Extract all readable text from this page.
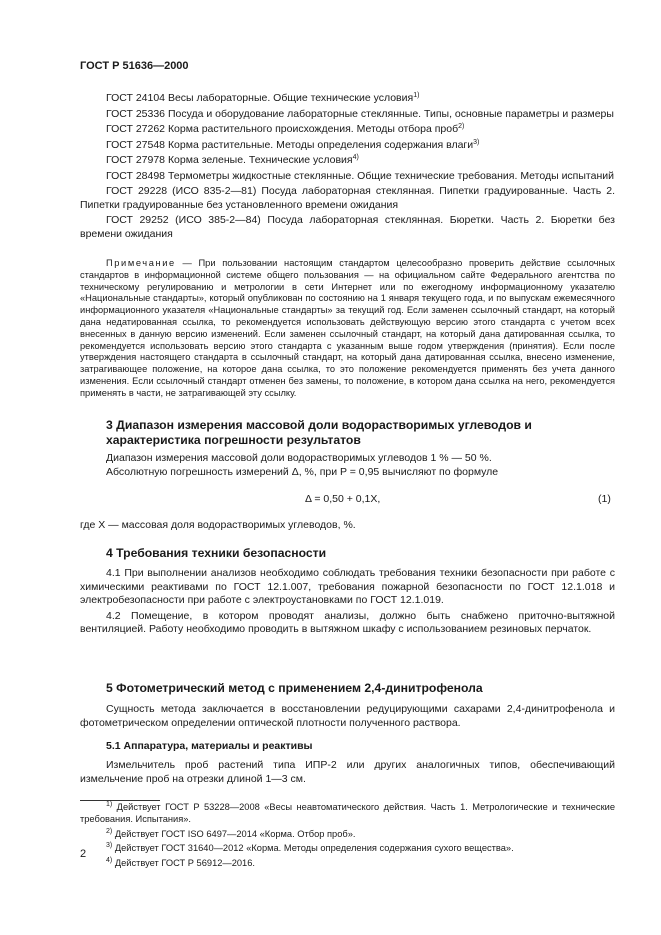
ГОСТ Р 51636—2000

ГОСТ 24104 Весы лабораторные. Общие технические условия$^{1)}$

ГОСТ 25336 Посуда и оборудование лабораторные стеклянные. Типы, основные параметры и размеры

ГОСТ 27262 Корма растительного происхождения. Методы отбора проб$^{2)}$

ГОСТ 27548 Корма растительные. Методы определения содержания влаги$^{3)}$

ГОСТ 27978 Корма зеленые. Технические условия$^{4)}$

ГОСТ 28498 Термометры жидкостные стеклянные. Общие технические требования. Методы испытаний

ГОСТ 29228 (ИСО 835-2—81) Посуда лабораторная стеклянная. Пипетки градуированные. Часть 2. Пипетки градуированные без установленного времени ожидания

ГОСТ 29252 (ИСО 385-2—84) Посуда лабораторная стеклянная. Бюретки. Часть 2. Бюретки без времени ожидания

Примечание — При пользовании настоящим стандартом целесообразно проверить действие ссылочных стандартов в информационной системе общего пользования — на официальном сайте Федерального агентства по техническому регулированию и метрологии в сети Интернет или по ежегодному информационному указателю «Национальные стандарты», который опубликован по состоянию на 1 января текущего года, и по выпускам ежемесячного информационного указателя «Национальные стандарты» за текущий год. Если заменен ссылочный стандарт, на который дана недатированная ссылка, то рекомендуется использовать действующую версию этого стандарта с учетом всех внесенных в данную версию изменений. Если заменен ссылочный стандарт, на который дана датированная ссылка, то рекомендуется использовать версию этого стандарта с указанным выше годом утверждения (принятия). Если после утверждения настоящего стандарта в ссылочный стандарт, на который дана датированная ссылка, внесено изменение, затрагивающее положение, на которое дана ссылка, то это положение рекомендуется применять без учета данного изменения. Если ссылочный стандарт отменен без замены, то положение, в котором дана ссылка на него, рекомендуется применять в части, не затрагивающей эту ссылку.

3 Диапазон измерения массовой доли водорастворимых углеводов и характеристика погрешности результатов
Диапазон измерения массовой доли водорастворимых углеводов 1 % — 50 %.
Абсолютную погрешность измерений Δ, %, при P = 0,95 вычисляют по формуле
Δ = 0,50 + 0,1X,	(1)

где X — массовая доля водорастворимых углеводов, %.

4 Требования техники безопасности
4.1 При выполнении анализов необходимо соблюдать требования техники безопасности при работе с химическими реактивами по ГОСТ 12.1.007, требования пожарной безопасности по ГОСТ 12.1.018 и электробезопасности при работе с электроустановками по ГОСТ 12.1.019.
4.2 Помещение, в котором проводят анализы, должно быть снабжено приточно-вытяжной вентиляцией. Работу необходимо проводить в вытяжном шкафу с использованием резиновых перчаток.
5 Фотометрический метод с применением 2,4-динитрофенола

Сущность метода заключается в восстановлении редуцирующими сахарами 2,4-динитрофенола и фотометрическом определении оптической плотности полученного раствора.

5.1 Аппаратура, материалы и реактивы

Измельчитель проб растений типа ИПР-2 или других аналогичных типов, обеспечивающий измельчение проб на отрезки длиной 1—3 см.

$^{1)}$ Действует ГОСТ Р 53228—2008 «Весы неавтоматического действия. Часть 1. Метрологические и технические требования. Испытания».

$^{2)}$ Действует ГОСТ ISO 6497—2014 «Корма. Отбор проб».

$^{3)}$ Действует ГОСТ 31640—2012 «Корма. Методы определения содержания сухого вещества».

$^{4)}$ Действует ГОСТ Р 56912—2016.

2
